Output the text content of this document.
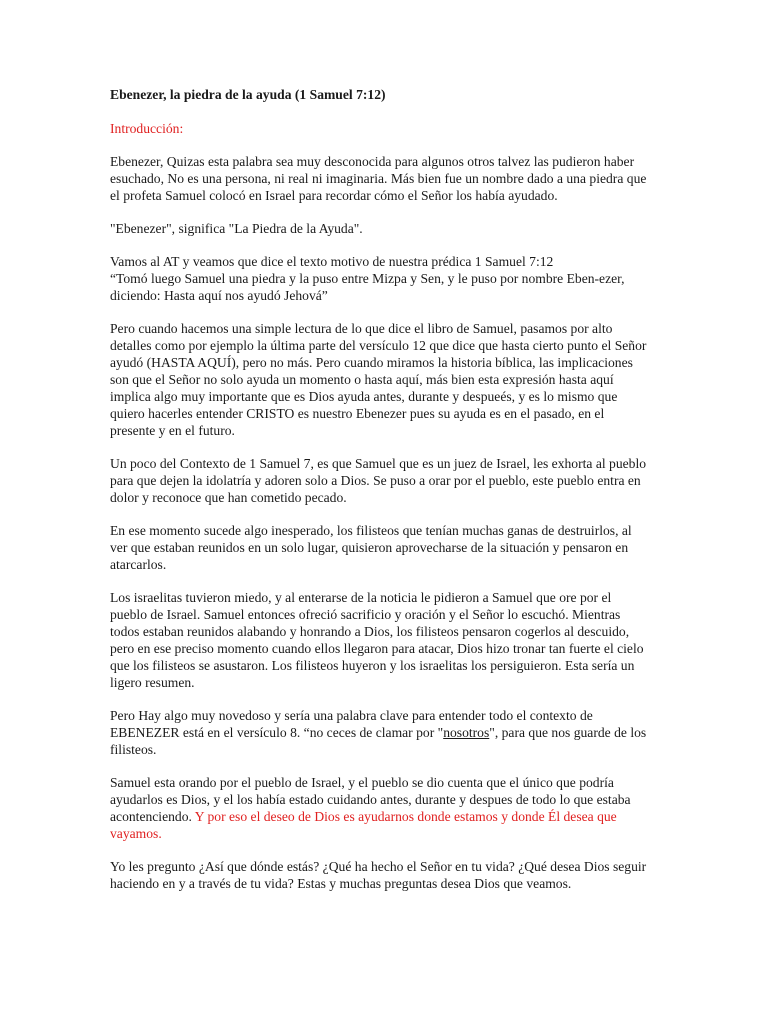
Ebenezer, la piedra de la ayuda (1 Samuel 7:12)

Introducción:

Ebenezer, Quizas esta palabra sea muy desconocida para algunos otros talvez las pudieron haber esuchado, No es una persona, ni real ni imaginaria. Más bien fue un nombre dado a una piedra que el profeta Samuel colocó en Israel para recordar cómo el Señor los había ayudado.

"Ebenezer", significa "La Piedra de la Ayuda".

Vamos al AT y veamos que dice el texto motivo de nuestra prédica 1 Samuel 7:12
“Tomó luego Samuel una piedra y la puso entre Mizpa y Sen, y le puso por nombre Eben-ezer, diciendo: Hasta aquí nos ayudó Jehová”

Pero cuando hacemos una simple lectura de lo que dice el libro de Samuel, pasamos por alto detalles como por ejemplo la última parte del versículo 12 que dice que hasta cierto punto el Señor ayudó (HASTA AQUÍ), pero no más. Pero cuando miramos la historia bíblica, las implicaciones son que el Señor no solo ayuda un momento o hasta aquí, más bien esta expresión hasta aquí implica algo muy importante que es Dios ayuda antes, durante y despueés, y es lo mismo que quiero hacerles entender CRISTO es nuestro Ebenezer pues su ayuda es en el pasado, en el presente y en el futuro.

Un poco del Contexto de 1 Samuel 7, es que Samuel que es un juez de Israel, les exhorta al pueblo para que dejen la idolatría y adoren solo a Dios. Se puso a orar por el pueblo, este pueblo entra en dolor y reconoce que han cometido pecado.

En ese momento sucede algo inesperado, los filisteos que tenían muchas ganas de destruirlos, al ver que estaban reunidos en un solo lugar, quisieron aprovecharse de la situación y pensaron en atarcarlos.

Los israelitas tuvieron miedo, y al enterarse de la noticia le pidieron a Samuel que ore por el pueblo de Israel. Samuel entonces ofreció sacrificio y oración y el Señor lo escuchó. Mientras todos estaban reunidos alabando y honrando a Dios, los filisteos pensaron cogerlos al descuido, pero en ese preciso momento cuando ellos llegaron para atacar, Dios hizo tronar tan fuerte el cielo que los filisteos se asustaron. Los filisteos huyeron y los israelitas los persiguieron. Esta sería un ligero resumen.

Pero Hay algo muy novedoso y sería una palabra clave para entender todo el contexto de EBENEZER está en el versículo 8. “no ceces de clamar por "nosotros", para que nos guarde de los filisteos.

Samuel esta orando por el pueblo de Israel, y el pueblo se dio cuenta que el único que podría ayudarlos es Dios, y el los había estado cuidando antes, durante y despues de todo lo que estaba acontenciendo. Y por eso el deseo de Dios es ayudarnos donde estamos y donde Él desea que vayamos.

Yo les pregunto ¿Así que dónde estás? ¿Qué ha hecho el Señor en tu vida? ¿Qué desea Dios seguir haciendo en y a través de tu vida? Estas y muchas preguntas desea Dios que veamos.
